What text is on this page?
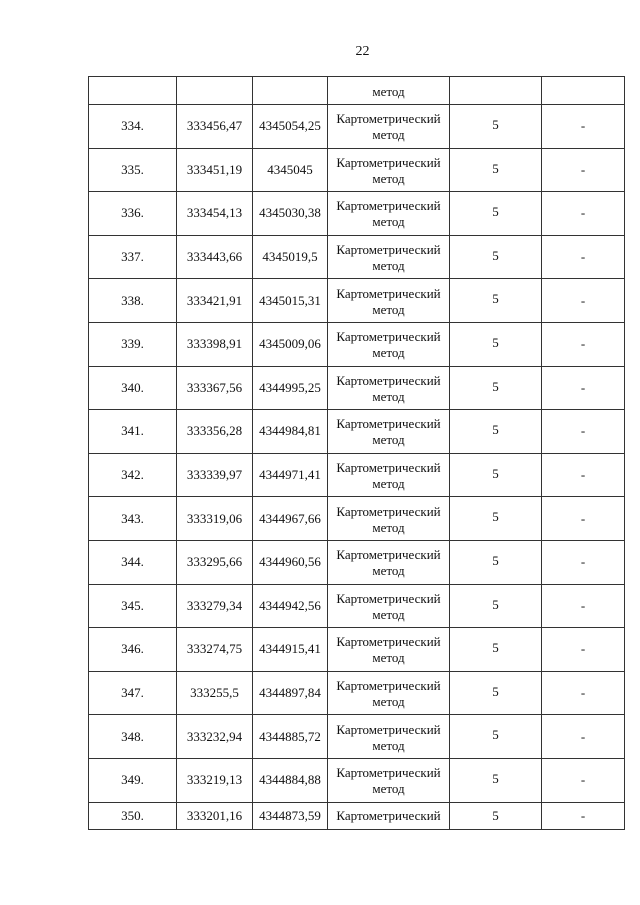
22
			метод		
334.	333456,47	4345054,25	Картометрический метод	5	-
335.	333451,19	4345045	Картометрический метод	5	-
336.	333454,13	4345030,38	Картометрический метод	5	-
337.	333443,66	4345019,5	Картометрический метод	5	-
338.	333421,91	4345015,31	Картометрический метод	5	-
339.	333398,91	4345009,06	Картометрический метод	5	-
340.	333367,56	4344995,25	Картометрический метод	5	-
341.	333356,28	4344984,81	Картометрический метод	5	-
342.	333339,97	4344971,41	Картометрический метод	5	-
343.	333319,06	4344967,66	Картометрический метод	5	-
344.	333295,66	4344960,56	Картометрический метод	5	-
345.	333279,34	4344942,56	Картометрический метод	5	-
346.	333274,75	4344915,41	Картометрический метод	5	-
347.	333255,5	4344897,84	Картометрический метод	5	-
348.	333232,94	4344885,72	Картометрический метод	5	-
349.	333219,13	4344884,88	Картометрический метод	5	-
350.	333201,16	4344873,59	Картометрический	5	-
